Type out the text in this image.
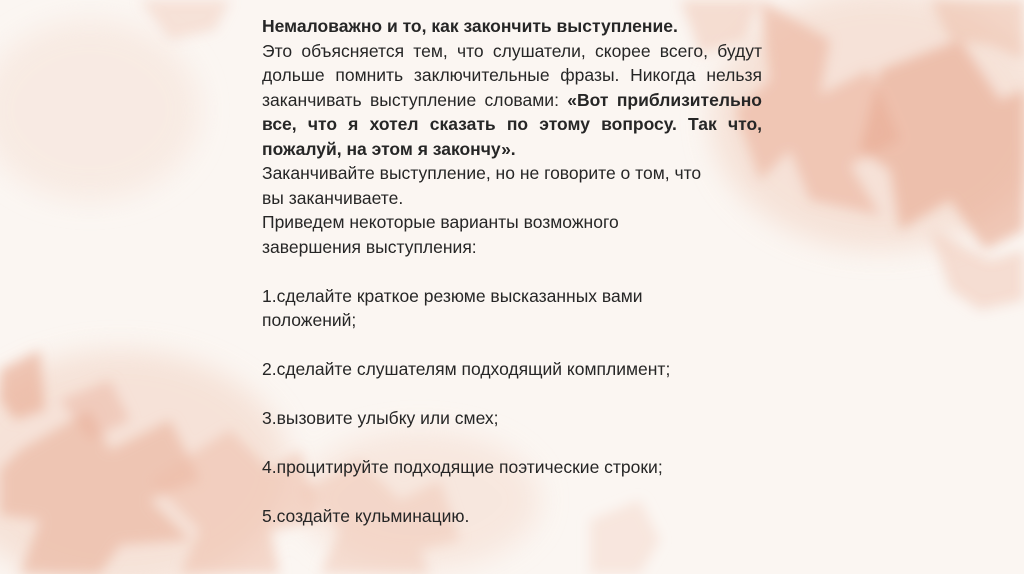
Немаловажно и то, как закончить выступление.

Это объясняется тем, что слушатели, скорее всего, будут дольше помнить заключительные фразы. Никогда нельзя заканчивать выступление словами: «Вот приблизительно все, что я хотел сказать по этому вопросу. Так что, пожалуй, на этом я закончу».

Заканчивайте выступление, но не говорите о том, что

вы заканчиваете.

Приведем некоторые варианты возможного

завершения выступления:

1.сделайте краткое резюме высказанных вами

положений;

2.сделайте слушателям подходящий комплимент;

3.вызовите улыбку или смех;

4.процитируйте подходящие поэтические строки;

5.создайте кульминацию.
